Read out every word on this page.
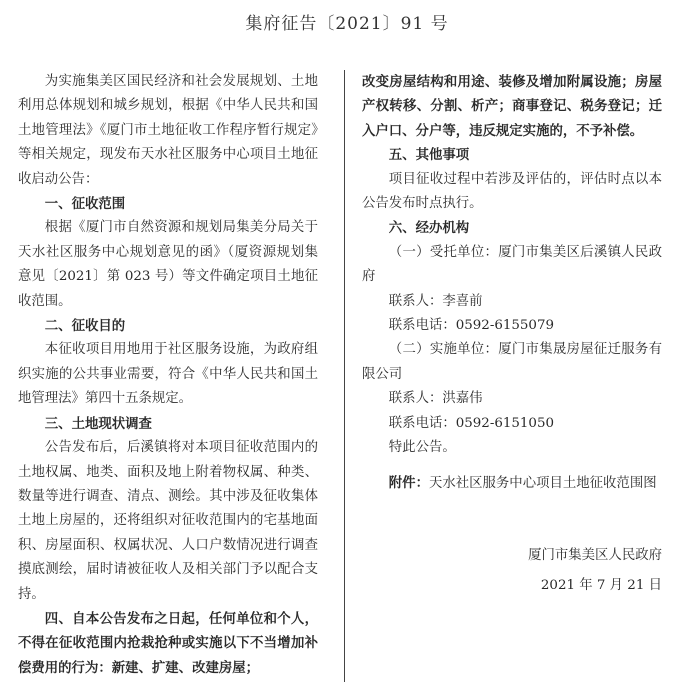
集府征告〔2021〕91 号

为实施集美区国民经济和社会发展规划、土地利用总体规划和城乡规划，根据《中华人民共和国土地管理法》《厦门市土地征收工作程序暂行规定》等相关规定，现发布天水社区服务中心项目土地征收启动公告：

一、征收范围

根据《厦门市自然资源和规划局集美分局关于天水社区服务中心规划意见的函》（厦资源规划集意见〔2021〕第 023 号）等文件确定项目土地征收范围。

二、征收目的

本征收项目用地用于社区服务设施，为政府组织实施的公共事业需要，符合《中华人民共和国土地管理法》第四十五条规定。

三、土地现状调查

公告发布后，后溪镇将对本项目征收范围内的土地权属、地类、面积及地上附着物权属、种类、数量等进行调查、清点、测绘。其中涉及征收集体土地上房屋的，还将组织对征收范围内的宅基地面积、房屋面积、权属状况、人口户数情况进行调查摸底测绘，届时请被征收人及相关部门予以配合支持。

四、自本公告发布之日起，任何单位和个人，不得在征收范围内抢栽抢种或实施以下不当增加补偿费用的行为：新建、扩建、改建房屋；

改变房屋结构和用途、装修及增加附属设施；房屋产权转移、分割、析产；商事登记、税务登记；迁入户口、分户等，违反规定实施的，不予补偿。

五、其他事项

项目征收过程中若涉及评估的，评估时点以本公告发布时点执行。

六、经办机构

（一）受托单位：厦门市集美区后溪镇人民政府

联系人：李喜前

联系电话：0592-6155079

（二）实施单位：厦门市集晟房屋征迁服务有限公司

联系人：洪嘉伟

联系电话：0592-6151050

特此公告。

附件：天水社区服务中心项目土地征收范围图

厦门市集美区人民政府

2021 年 7 月 21 日
